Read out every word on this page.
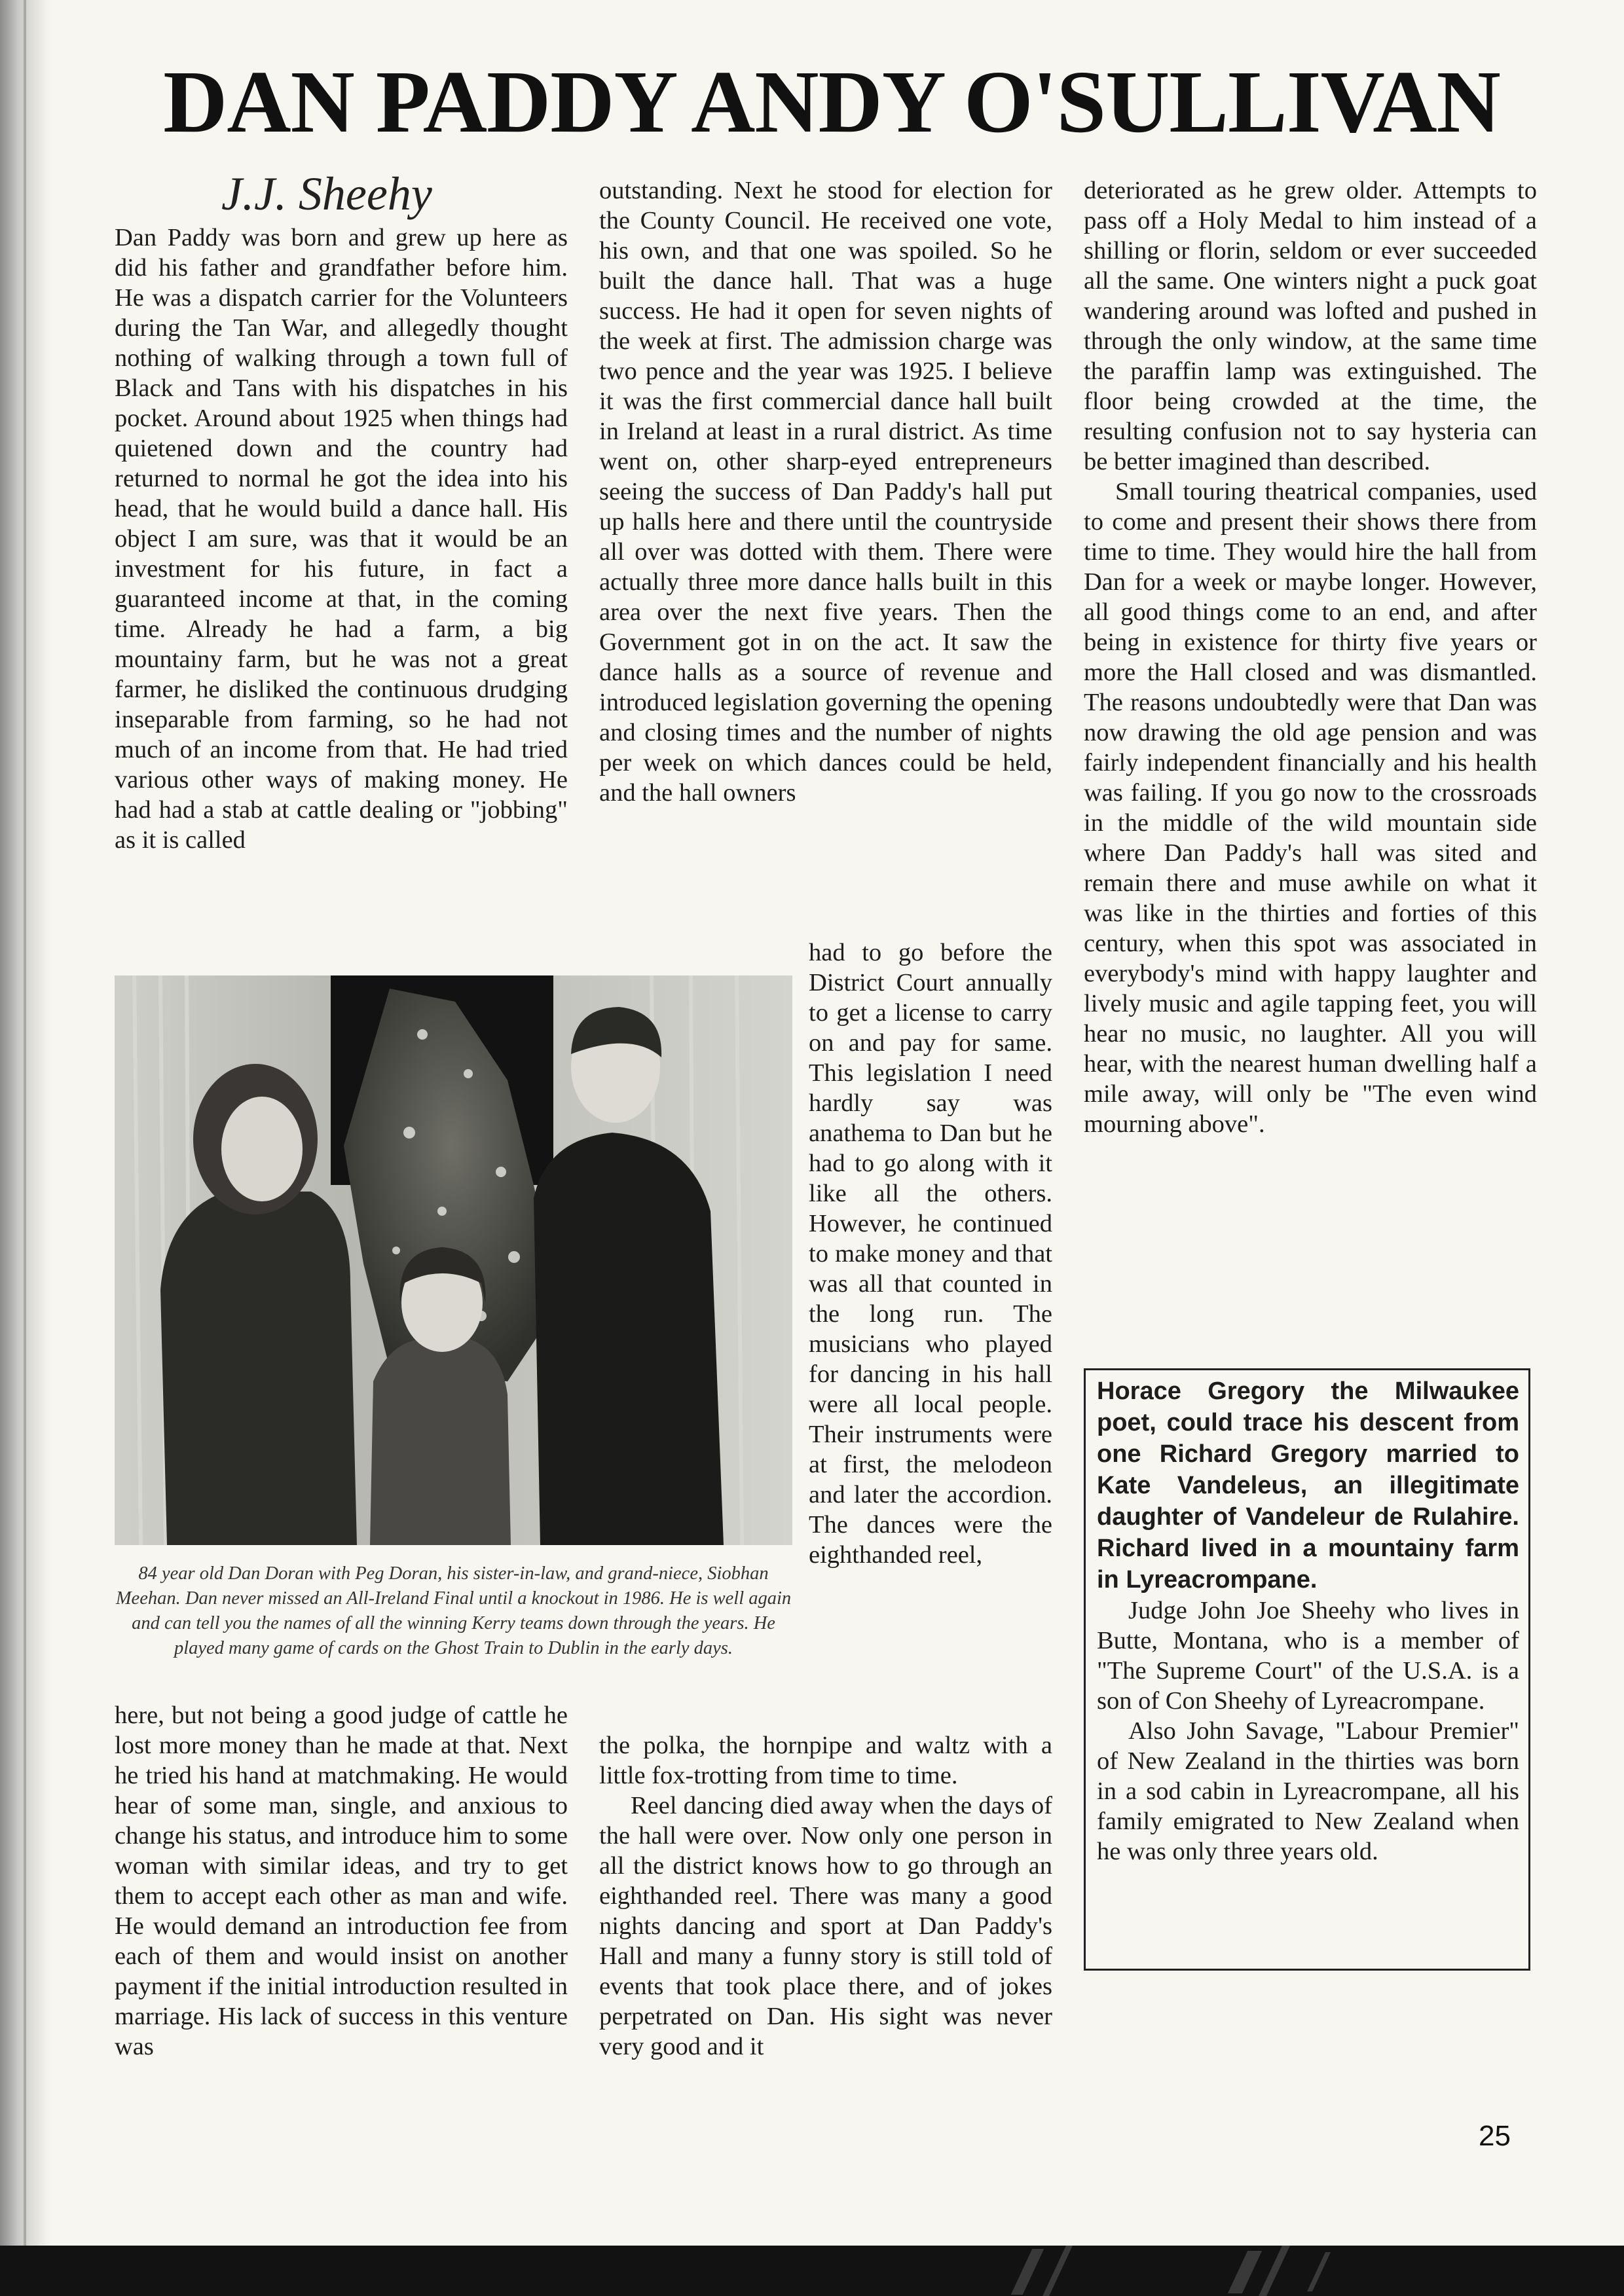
DAN PADDY ANDY O'SULLIVAN
J.J. Sheehy

Dan Paddy was born and grew up here as did his father and grandfather before him. He was a dispatch carrier for the Volunteers during the Tan War, and allegedly thought nothing of walking through a town full of Black and Tans with his dispatches in his pocket. Around about 1925 when things had quietened down and the country had returned to normal he got the idea into his head, that he would build a dance hall. His object I am sure, was that it would be an investment for his future, in fact a guaranteed income at that, in the coming time. Already he had a farm, a big mountainy farm, but he was not a great farmer, he disliked the continuous drudging inseparable from farming, so he had not much of an income from that. He had tried various other ways of making money. He had had a stab at cattle dealing or "jobbing" as it is called

84 year old Dan Doran with Peg Doran, his sister-in-law, and grand-niece, Siobhan Meehan. Dan never missed an All-Ireland Final until a knockout in 1986. He is well again and can tell you the names of all the winning Kerry teams down through the years. He played many game of cards on the Ghost Train to Dublin in the early days.

here, but not being a good judge of cattle he lost more money than he made at that. Next he tried his hand at matchmaking. He would hear of some man, single, and anxious to change his status, and introduce him to some woman with similar ideas, and try to get them to accept each other as man and wife. He would demand an introduction fee from each of them and would insist on another payment if the initial introduction resulted in marriage. His lack of success in this venture was

outstanding. Next he stood for election for the County Council. He received one vote, his own, and that one was spoiled. So he built the dance hall. That was a huge success. He had it open for seven nights of the week at first. The admission charge was two pence and the year was 1925. I believe it was the first commercial dance hall built in Ireland at least in a rural district. As time went on, other sharp-eyed entrepreneurs seeing the success of Dan Paddy's hall put up halls here and there until the countryside all over was dotted with them. There were actually three more dance halls built in this area over the next five years. Then the Government got in on the act. It saw the dance halls as a source of revenue and introduced legislation governing the opening and closing times and the number of nights per week on which dances could be held, and the hall owners

had to go before the District Court annually to get a license to carry on and pay for same. This legislation I need hardly say was anathema to Dan but he had to go along with it like all the others. However, he continued to make money and that was all that counted in the long run. The musicians who played for dancing in his hall were all local people. Their instruments were at first, the melodeon and later the accordion. The dances were the eighthanded reel,

the polka, the hornpipe and waltz with a little fox-trotting from time to time.

Reel dancing died away when the days of the hall were over. Now only one person in all the district knows how to go through an eighthanded reel. There was many a good nights dancing and sport at Dan Paddy's Hall and many a funny story is still told of events that took place there, and of jokes perpetrated on Dan. His sight was never very good and it

deteriorated as he grew older. Attempts to pass off a Holy Medal to him instead of a shilling or florin, seldom or ever succeeded all the same. One winters night a puck goat wandering around was lofted and pushed in through the only window, at the same time the paraffin lamp was extinguished. The floor being crowded at the time, the resulting confusion not to say hysteria can be better imagined than described.

Small touring theatrical companies, used to come and present their shows there from time to time. They would hire the hall from Dan for a week or maybe longer. However, all good things come to an end, and after being in existence for thirty five years or more the Hall closed and was dismantled. The reasons undoubtedly were that Dan was now drawing the old age pension and was fairly independent financially and his health was failing. If you go now to the crossroads in the middle of the wild mountain side where Dan Paddy's hall was sited and remain there and muse awhile on what it was like in the thirties and forties of this century, when this spot was associated in everybody's mind with happy laughter and lively music and agile tapping feet, you will hear no music, no laughter. All you will hear, with the nearest human dwelling half a mile away, will only be "The even wind mourning above".

Horace Gregory the Milwaukee poet, could trace his descent from one Richard Gregory married to Kate Vandeleus, an illegitimate daughter of Vandeleur de Rulahire. Richard lived in a mountainy farm in Lyreacrompane.

Judge John Joe Sheehy who lives in Butte, Montana, who is a member of "The Supreme Court" of the U.S.A. is a son of Con Sheehy of Lyreacrompane.

Also John Savage, "Labour Premier" of New Zealand in the thirties was born in a sod cabin in Lyreacrompane, all his family emigrated to New Zealand when he was only three years old.

25
